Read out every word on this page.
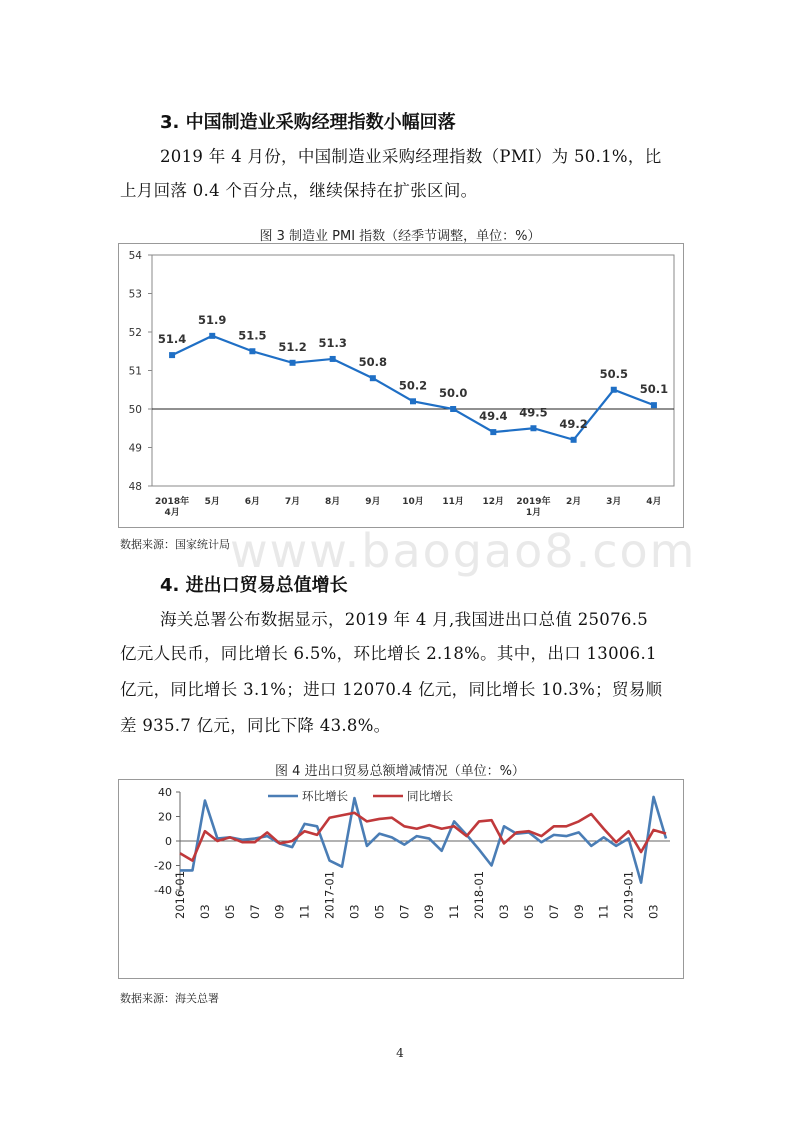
3. 中国制造业采购经理指数小幅回落
2019 年 4 月份，中国制造业采购经理指数（PMI）为 50.1%，比
上月回落 0.4 个百分点，继续保持在扩张区间。
图 3 制造业 PMI 指数（经季节调整，单位：%）
48
49
50
51
52
53
54
51.4
51.9
51.5
51.2 51.3
50.8
50.2
50.0
49.4 49.5
49.2
50.5
50.1
2018年
4月
5月	6月	7月	8月	9月 10月 11月 12月 2019年
1月
2月	3月	4月
数据来源：国家统计局 www.baogao8.com
4. 进出口贸易总值增长
海关总署公布数据显示，2019 年 4 月,我国进出口总值 25076.5
亿元人民币，同比增长 6.5%，环比增长 2.18%。其中，出口 13006.1
亿元，同比增长 3.1%；进口 12070.4 亿元，同比增长 10.3%；贸易顺
差 935.7 亿元，同比下降 43.8%。
图 4 进出口贸易总额增减情况（单位：%）
-40
-20
0
20
40
2016-01 03 05 07 09 11 2017-01 03 05 07 09 11 2018-01 03 05 07 09 11 2019-01 03
环比增长	同比增长
数据来源：海关总署
4
